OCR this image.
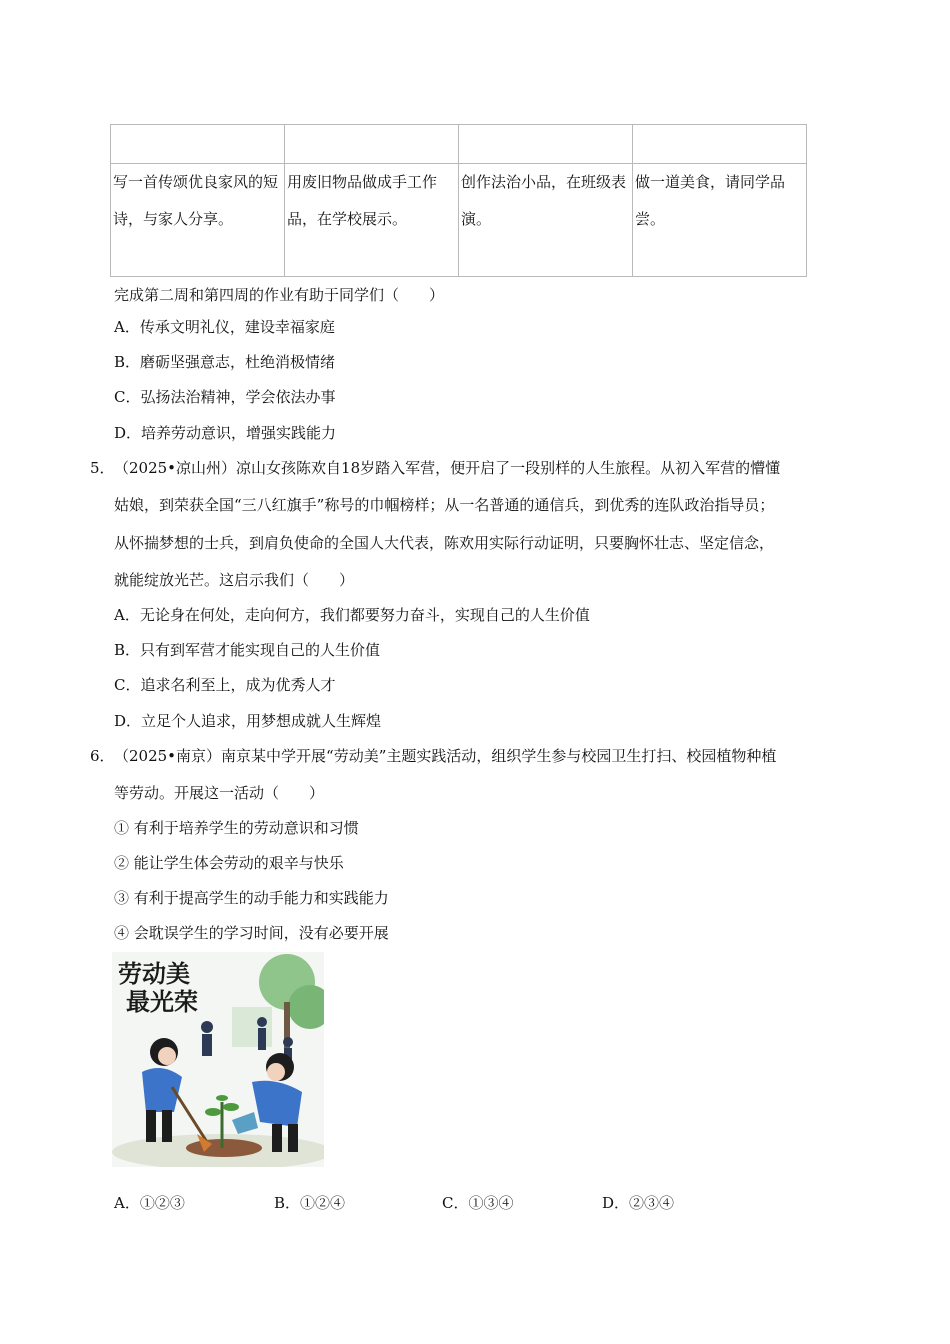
写一首传颂优良家风的短诗，与家人分享。	用废旧物品做成手工作品，在学校展示。	创作法治小品，在班级表演。	做一道美食，请同学品尝。
完成第二周和第四周的作业有助于同学们（　　）
A．传承文明礼仪，建设幸福家庭
B．磨砺坚强意志，杜绝消极情绪
C．弘扬法治精神，学会依法办事
D．培养劳动意识，增强实践能力
5． （2025•凉山州）凉山女孩陈欢自18岁踏入军营，便开启了一段别样的人生旅程。从初入军营的懵懂
姑娘，到荣获全国“三八红旗手”称号的巾帼榜样；从一名普通的通信兵，到优秀的连队政治指导员；
从怀揣梦想的士兵，到肩负使命的全国人大代表，陈欢用实际行动证明，只要胸怀壮志、坚定信念，
就能绽放光芒。这启示我们（　　）
A．无论身在何处，走向何方，我们都要努力奋斗，实现自己的人生价值
B．只有到军营才能实现自己的人生价值
C．追求名利至上，成为优秀人才
D．立足个人追求，用梦想成就人生辉煌
6． （2025•南京）南京某中学开展“劳动美”主题实践活动，组织学生参与校园卫生打扫、校园植物种植
等劳动。开展这一活动（　　）
① 有利于培养学生的劳动意识和习惯
② 能让学生体会劳动的艰辛与快乐
③ 有利于提高学生的动手能力和实践能力
④ 会耽误学生的学习时间，没有必要开展
劳动美
最光荣
A．①②③	B．①②④	C．①③④	D．②③④
